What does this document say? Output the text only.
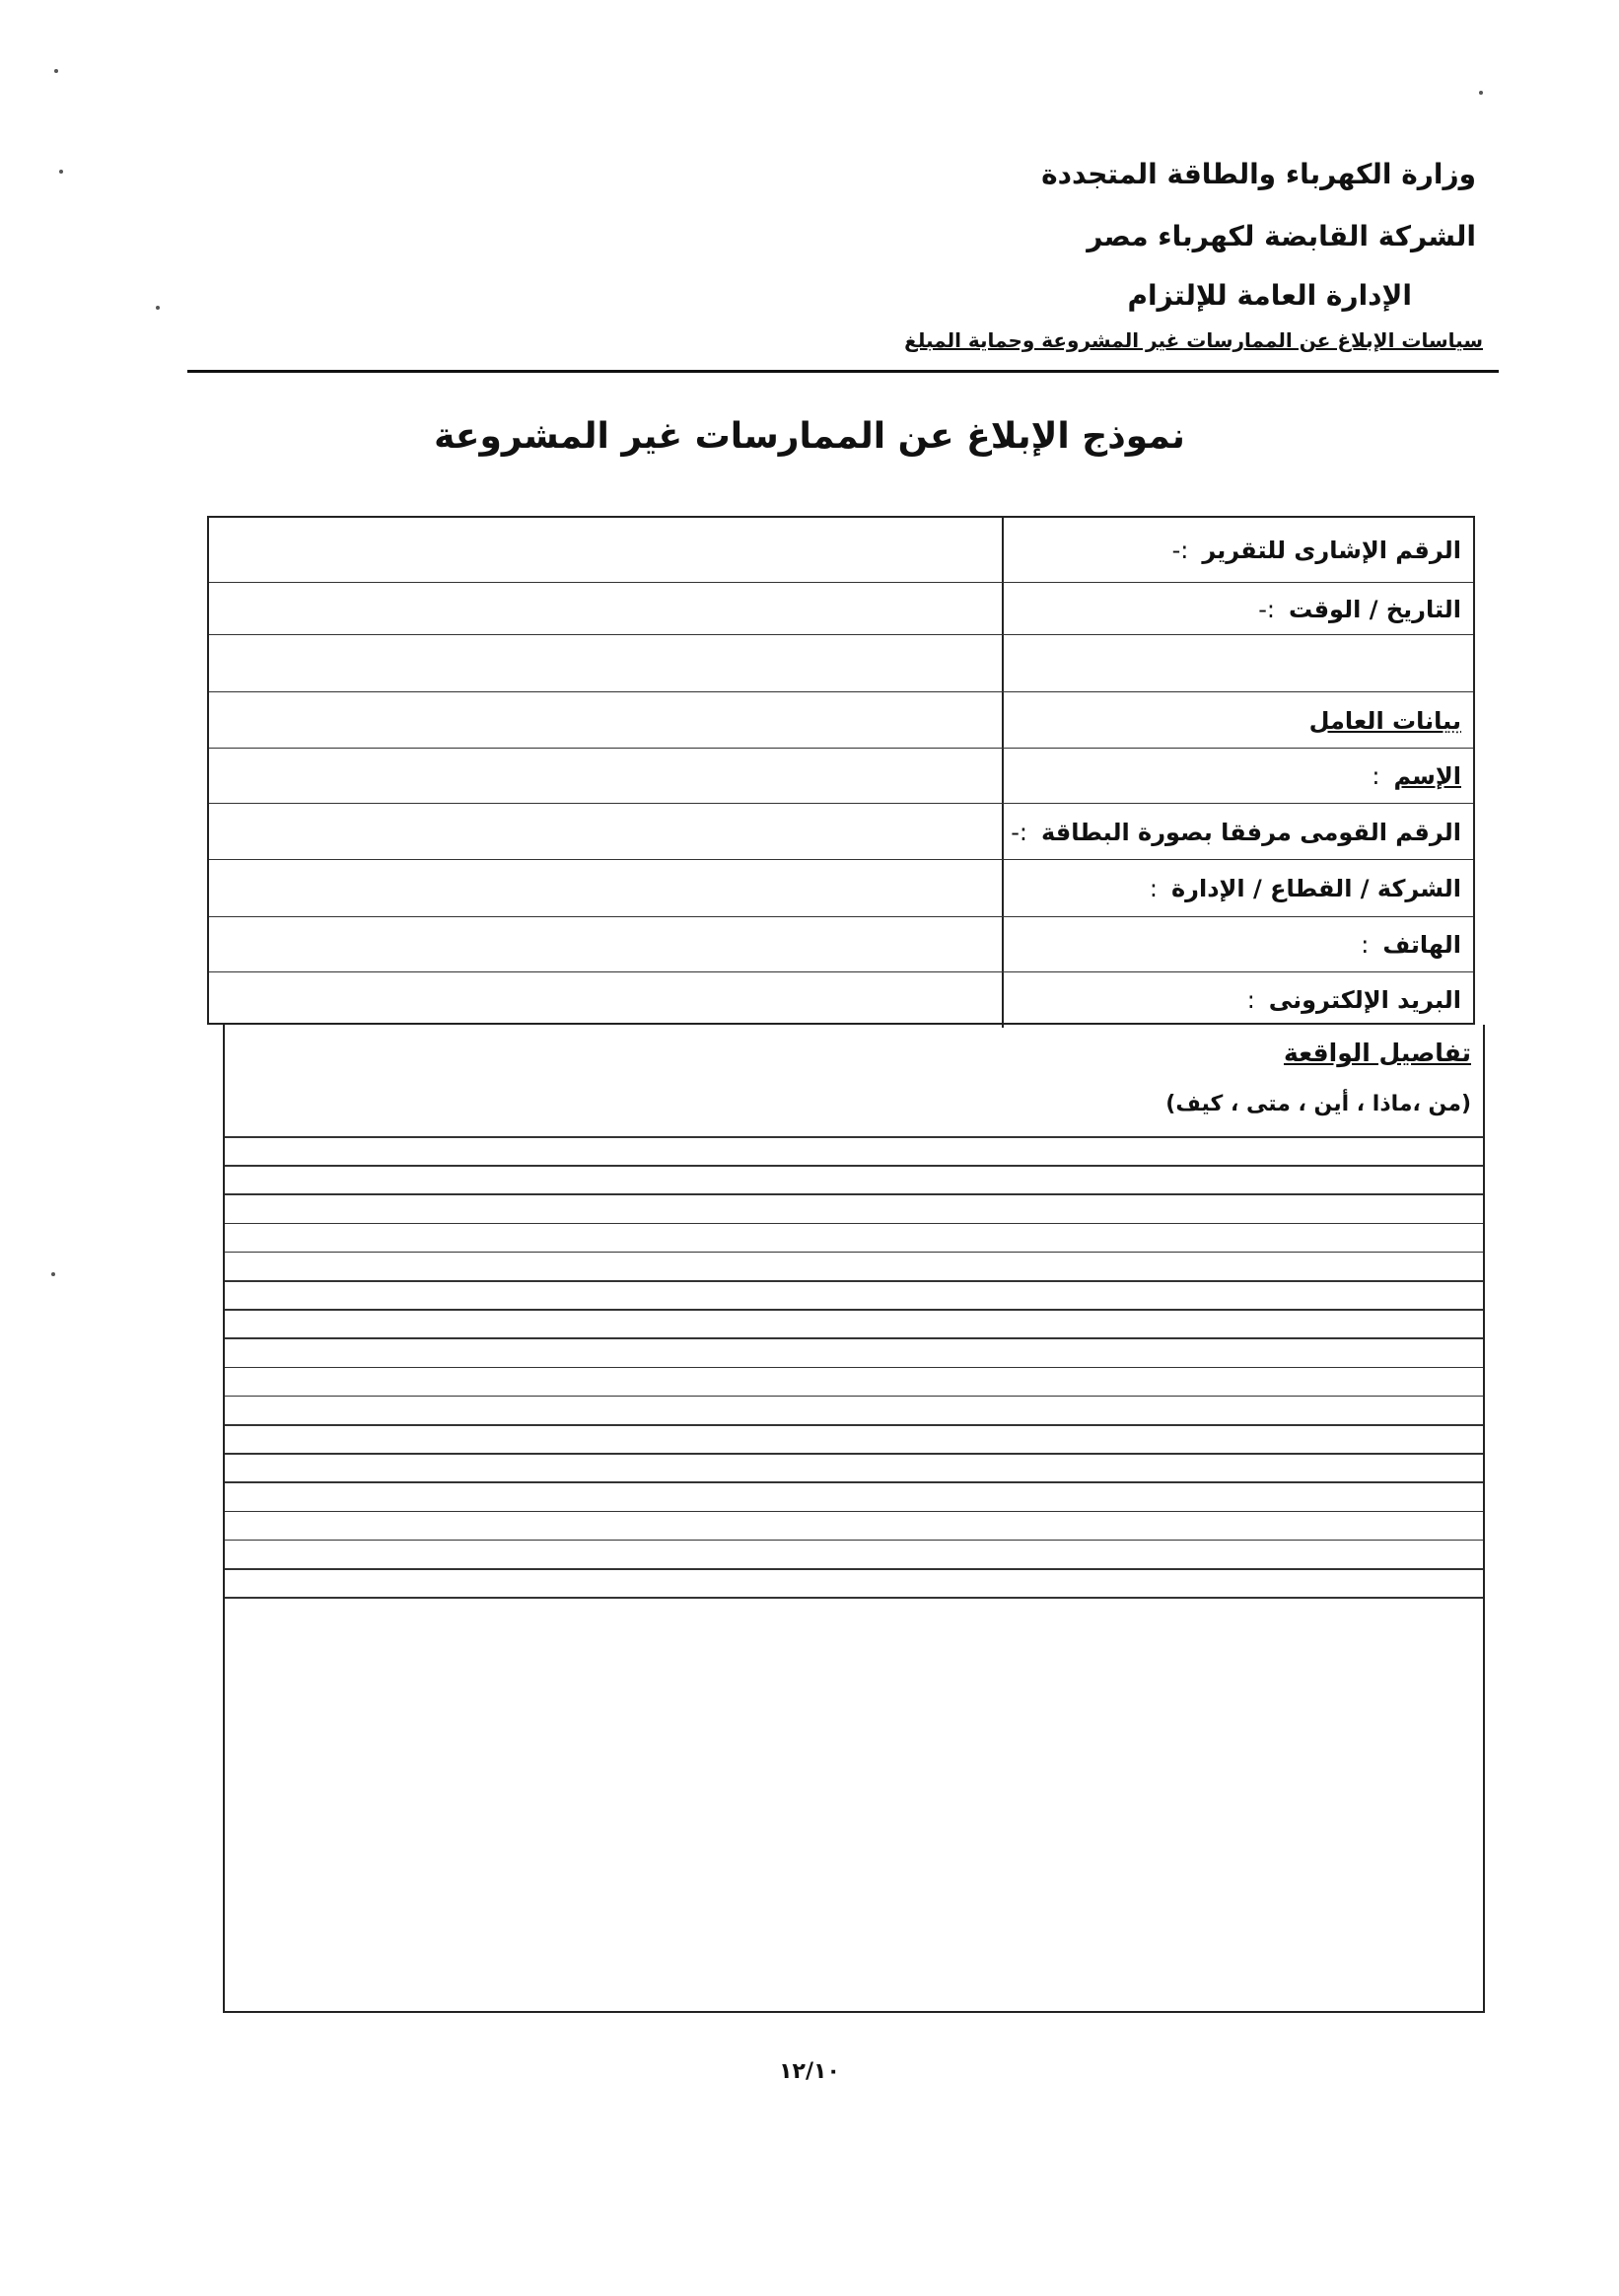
وزارة الكهرباء والطاقة المتجددة
الشركة القابضة لكهرباء مصر
الإدارة العامة للإلتزام
سياسات الإبلاغ عن الممارسات غير المشروعة وحماية المبلغ
نموذج الإبلاغ عن الممارسات غير المشروعة
الرقم الإشارى للتقرير
:-
التاريخ / الوقت
:-
بيانات العامل
الإسم
:
الرقم القومى مرفقا بصورة البطاقة
:-
الشركة / القطاع / الإدارة
:
الهاتف
:
البريد الإلكترونى
:
تفاصيل الواقعة
(من ،ماذا ، أين ، متى ، كيف)
١٢/١٠
